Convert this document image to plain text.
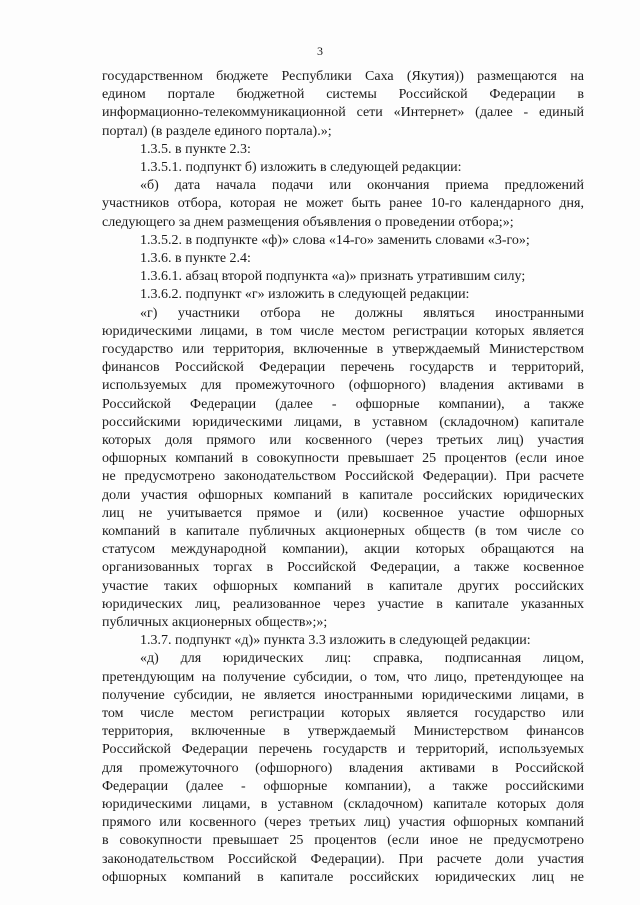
3
государственном бюджете Республики Саха (Якутия)) размещаются на
едином портале бюджетной системы Российской Федерации в
информационно-телекоммуникационной сети «Интернет» (далее - единый
портал) (в разделе единого портала).»;
1.3.5. в пункте 2.3:
1.3.5.1. подпункт б) изложить в следующей редакции:
«б) дата начала подачи или окончания приема предложений
участников отбора, которая не может быть ранее 10-го календарного дня,
следующего за днем размещения объявления о проведении отбора;»;
1.3.5.2. в подпункте «ф)» слова «14-го» заменить словами «3-го»;
1.3.6. в пункте 2.4:
1.3.6.1. абзац второй подпункта «а)» признать утратившим силу;
1.3.6.2. подпункт «г» изложить в следующей редакции:
«г) участники отбора не должны являться иностранными
юридическими лицами, в том числе местом регистрации которых является
государство или территория, включенные в утверждаемый Министерством
финансов Российской Федерации перечень государств и территорий,
используемых для промежуточного (офшорного) владения активами в
Российской Федерации (далее - офшорные компании), а также
российскими юридическими лицами, в уставном (складочном) капитале
которых доля прямого или косвенного (через третьих лиц) участия
офшорных компаний в совокупности превышает 25 процентов (если иное
не предусмотрено законодательством Российской Федерации). При расчете
доли участия офшорных компаний в капитале российских юридических
лиц не учитывается прямое и (или) косвенное участие офшорных
компаний в капитале публичных акционерных обществ (в том числе со
статусом международной компании), акции которых обращаются на
организованных торгах в Российской Федерации, а также косвенное
участие таких офшорных компаний в капитале других российских
юридических лиц, реализованное через участие в капитале указанных
публичных акционерных обществ»;»;
1.3.7. подпункт «д)» пункта 3.3 изложить в следующей редакции:
«д) для юридических лиц: справка, подписанная лицом,
претендующим на получение субсидии, о том, что лицо, претендующее на
получение субсидии, не является иностранными юридическими лицами, в
том числе местом регистрации которых является государство или
территория, включенные в утверждаемый Министерством финансов
Российской Федерации перечень государств и территорий, используемых
для промежуточного (офшорного) владения активами в Российской
Федерации (далее - офшорные компании), а также российскими
юридическими лицами, в уставном (складочном) капитале которых доля
прямого или косвенного (через третьих лиц) участия офшорных компаний
в совокупности превышает 25 процентов (если иное не предусмотрено
законодательством Российской Федерации). При расчете доли участия
офшорных компаний в капитале российских юридических лиц не
